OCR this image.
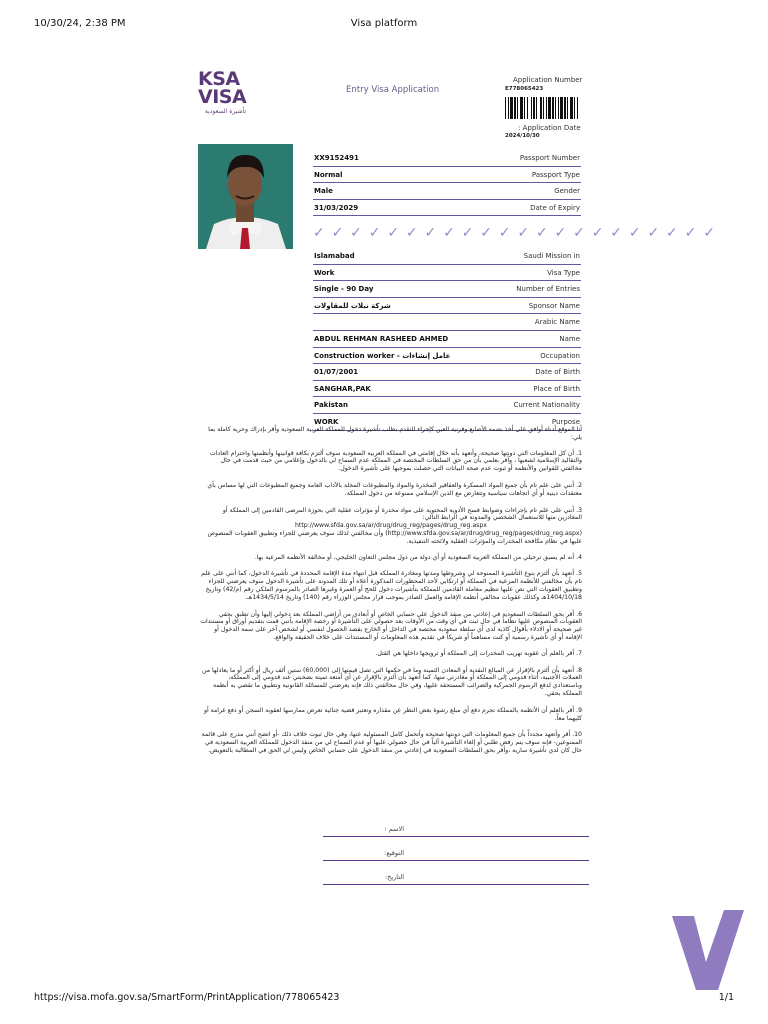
10/30/24, 2:38 PM	Visa platform
KSA
VISA
تأشيرة السعودية
Entry Visa Application
Application Number
E778065423
: Application Date
2024/10/30
XX9152491	Passport Number
Normal	Passport Type
Male	Gender
31/03/2029	Date of Expiry
✓ ✓ ✓ ✓ ✓ ✓ ✓ ✓ ✓ ✓ ✓ ✓ ✓ ✓ ✓ ✓ ✓ ✓ ✓ ✓ ✓ ✓
Islamabad	Saudi Mission in
Work	Visa Type
Single - 90 Day	Number of Entries
شركة نبلات للمقاولات	Sponsor Name
Arabic Name
ABDUL REHMAN RASHEED AHMED	Name
Construction worker - عامل إنشاءات	Occupation
01/07/2001	Date of Birth
SANGHAR,PAK	Place of Birth
Pakistan	Current Nationality
WORK	Purpose

أنا الموقع أدناه أوافق على أخذ بصمة الأصابع وقرنية العين كإجراء للتقدم بطلب تأشيرة دخول للمملكة العربية السعودية وأقر بإدراك وحرية كاملة بما يلي:

1. أن كل المعلومات التي دونتها صحيحة، وأتعهد بأنه خلال إقامتي في المملكة العربية السعودية سوف ألتزم بكافة قوانينها وأنظمتها واحترام العادات والتقاليد الإسلامية لشعبها ، وأقر بعلمي بأن من حق السلطات المختصة في المملكة عدم السماح لي بالدخول وإعلامي من حيث قدمت في حال مخالفتي للقوانين والأنظمة أو ثبوت عدم صحة البيانات التي حصلت بموجبها على تأشيرة الدخول.

2. أنني على علم تام بأن جميع المواد المسكرة والعقاقير المخدرة والمواد والمطبوعات المخلة بالآداب العامة وجميع المطبوعات التي لها مساس بأي معتقدات دينية أو أي اتجاهات سياسية وتتعارض مع الدين الإسلامي ممنوعة من دخول المملكة.

3. أنني على علم تام بإجراءات وضوابط فسح الأدوية المحتوية على مواد مخدرة أو مؤثرات عقلية التي بحوزة المرضى القادمين إلى المملكة أو المغادرين منها للاستعمال الشخصي والمدونة في الرابط التالي:

http://www.sfda.gov.sa/ar/drug/drug_reg/pages/drug_reg.aspx

(http://www.sfda.gov.sa/ar/drug/drug_reg/pages/drug_reg.aspx) وأن مخالفتي لذلك سوف يعرضني للجزاء وتطبيق العقوبات المنصوص عليها في نظام مكافحة المخدرات والمؤثرات العقلية ولائحته التنفيذية.

4. أنه لم يسبق ترحيلي من المملكة العربية السعودية أو أي دولة من دول مجلس التعاون الخليجي، أو مخالفة الأنظمة المرعية بها.

5. أتعهد بأن ألتزم بنوع التأشيرة الممنوحة لي وشروطها ومدتها ومغادرة المملكة قبل انتهاء مدة الإقامة المحددة في تأشيرة الدخول، كما أنني على علم تام بأن مخالفتي للأنظمة المرعية في المملكة أو ارتكابي لأحد المحظورات المذكورة أعلاه أو تلك المدونة على تأشيرة الدخول سوف يعرضني للجزاء وتطبيق العقوبات التي نص عليها تنظيم معاملة القادمين للمملكة بتأشيرات دخول للحج أو العمرة وغيرها الصادر بالمرسوم الملكي رقم (م/42) وتاريخ 1404/10/18هـ وكذلك عقوبات مخالفي أنظمة الإقامة والعمل الصادر بموجب قرار مجلس الوزراء رقم (140) وتاريخ 1434/5/14هـ.

6. أقر بحق السلطات السعودية في إعادتي من منفذ الدخول على حسابي الخاص أو أبعادي من أراضي المملكة بعد دخولي إليها وأن تطبق بحقي العقوبات المنصوص عليها نظاماً في حال ثبت في أي وقت من الأوقات بعد حصولي على التأشيرة أو رخصة الإقامة بأنني قمت بتقديم أوراق أو مستندات غير صحيحة أو الادلاء بأقوال كاذبة لدى أي سلطة سعودية مختصة في الداخل أو الخارج بقصد الحصول لنفسي أو لشخص آخر على سمة الدخول أو الإقامة أو أي تأشيرة رسمية أو كنت مساهماً أو شريكاً في تقديم هذه المعلومات أو المستندات على خلاف الحقيقة والواقع.

7. أقر بالعلم أن عقوبة تهريب المخدرات إلى المملكة أو ترويجها داخلها هي القتل.

8. أتعهد بأن ألتزم بالإقرار عن المبالغ النقدية أو المعادن الثمينة وما في حكمها التي تصل قيمتها إلى (60,000) ستين ألف ريال أو أكثر أو ما يعادلها من العملات الأجنبية، أثناء قدومي إلى المملكة أو مغادرتي منها، كما أتعهد بأن ألتزم بالإقرار عن أي أمتعة ثمينة بصحبتي عند قدومي إلى المملكة، وباستعدادي لدفع الرسوم الجمركية والضرائب المستحقة عليها، وفي حال مخالفتي ذلك فإنه يعرضني للمسائلة القانونية وتطبيق ما تقضي به أنظمة المملكة بحقي.

9. أقر بالعلم أن الأنظمة بالمملكة تجرم دفع أي مبلغ رشوة بغض النظر عن مقداره وتعتبر قضية جنائية تعرض ممارسها لعقوبة السجن أو دفع غرامة أو كليهما معاً.

10. أقر وأتعهد مجدداً بأن جميع المعلومات التي دونتها صحيحة وأتحمل كامل المسئولية عنها، وفي حال ثبوت خلاف ذلك -أو اتضح أنني مدرج على قائمة الممنوعين- فإنه سوف يتم رفض طلبي أو إلغاء التأشيرة آلياً في حال حصولي عليها أو عدم السماح لي من منفذ الدخول للمملكة العربية السعودية في حال كان لدي تأشيرة سارية ،وأقر بحق السلطات السعودية في إعادتي من منفذ الدخول على حسابي الخاص وليس لي الحق في المطالبة بالتعويض.

الاسم :
التوقيع:
التاريخ:
https://visa.mofa.gov.sa/SmartForm/PrintApplication/778065423	1/1
